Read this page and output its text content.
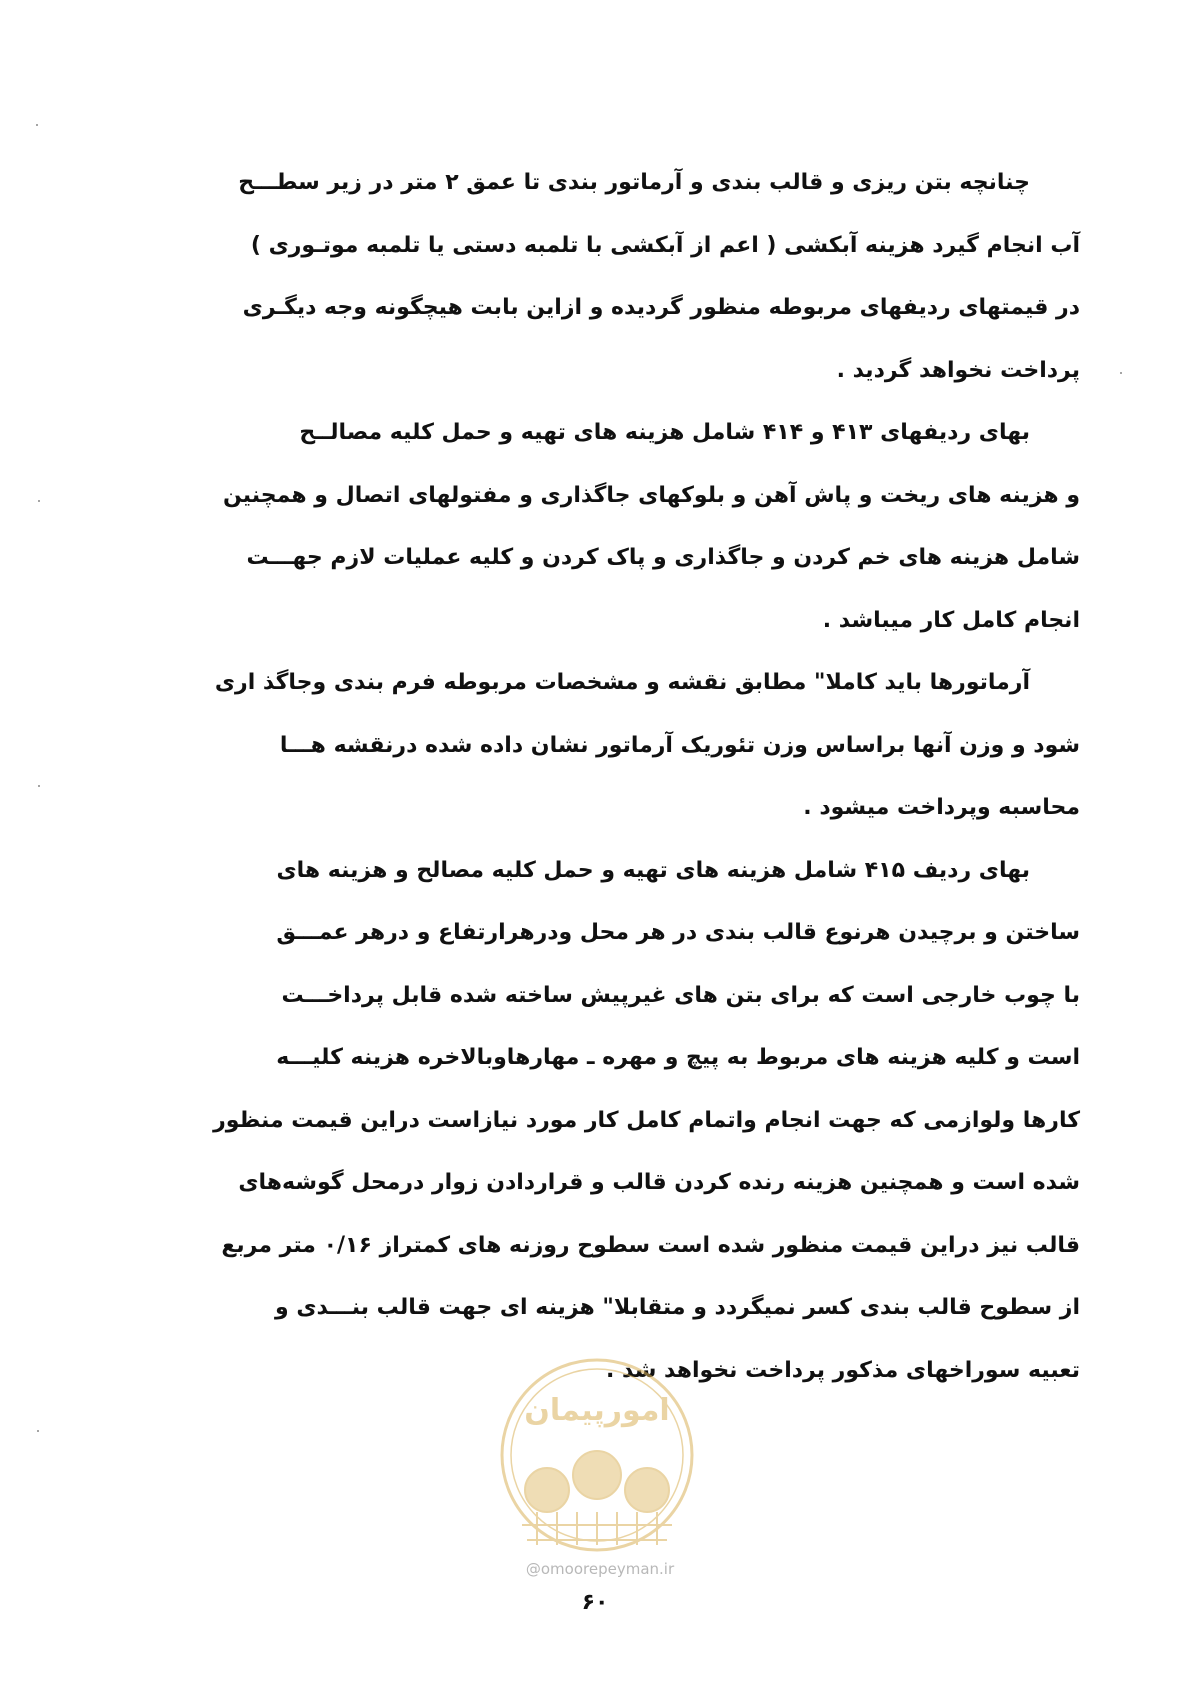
چنانچه بتن ریزی و قالب بندی و آرماتور بندی تا عمق ۲ متر در زیر سطـــح
آب انجام گیرد هزینه آبکشی ( اعم از آبکشی با تلمبه دستی یا تلمبه موتـوری )
در قیمتهای ردیفهای مربوطه منظور گردیده و ازاین بابت هیچگونه وجه دیگـری
پرداخت نخواهد گردید .
بهای ردیفهای ۴۱۳ و ۴۱۴ شامل هزینه های تهیه و حمل کلیه مصالــح
و هزینه های ریخت و پاش آهن و بلوکهای جاگذاری و مفتولهای اتصال و همچنین
شامل هزینه های خم کردن و جاگذاری و پاک کردن و کلیه عملیات لازم جهـــت
انجام کامل کار میباشد .
آرماتورها باید کاملا" مطابق نقشه و مشخصات مربوطه فرم بندی وجاگذ اری
شود و وزن آنها براساس وزن تئوریک آرماتور نشان داده شده درنقشه هـــا
محاسبه وپرداخت میشود .
بهای ردیف ۴۱۵ شامل هزینه های تهیه و حمل کلیه مصالح و هزینه های
ساختن و برچیدن هرنوع قالب بندی در هر محل ودرهرارتفاع و درهر عمـــق
با چوب خارجی است که برای بتن های غیرپیش ساخته شده قابل پرداخـــت
است و کلیه هزینه های مربوط به پیچ و مهره ـ مهارهاوبالاخره هزینه کلیـــه
کارها ولوازمی که جهت انجام واتمام کامل کار مورد نیازاست دراین قیمت منظور
شده است و همچنین هزینه رنده کردن قالب و قراردادن زوار درمحل گوشه‌های
قالب نیز دراین قیمت منظور شده است سطوح روزنه های کمتراز ۰/۱۶ متر مربع
از سطوح قالب بندی کسر نمیگردد و متقابلا" هزینه ای جهت قالب بنـــدی و
تعبیه سوراخهای مذکور پرداخت نخواهد شد .
امورپیمان
@omoorepeyman.ir
۶۰
